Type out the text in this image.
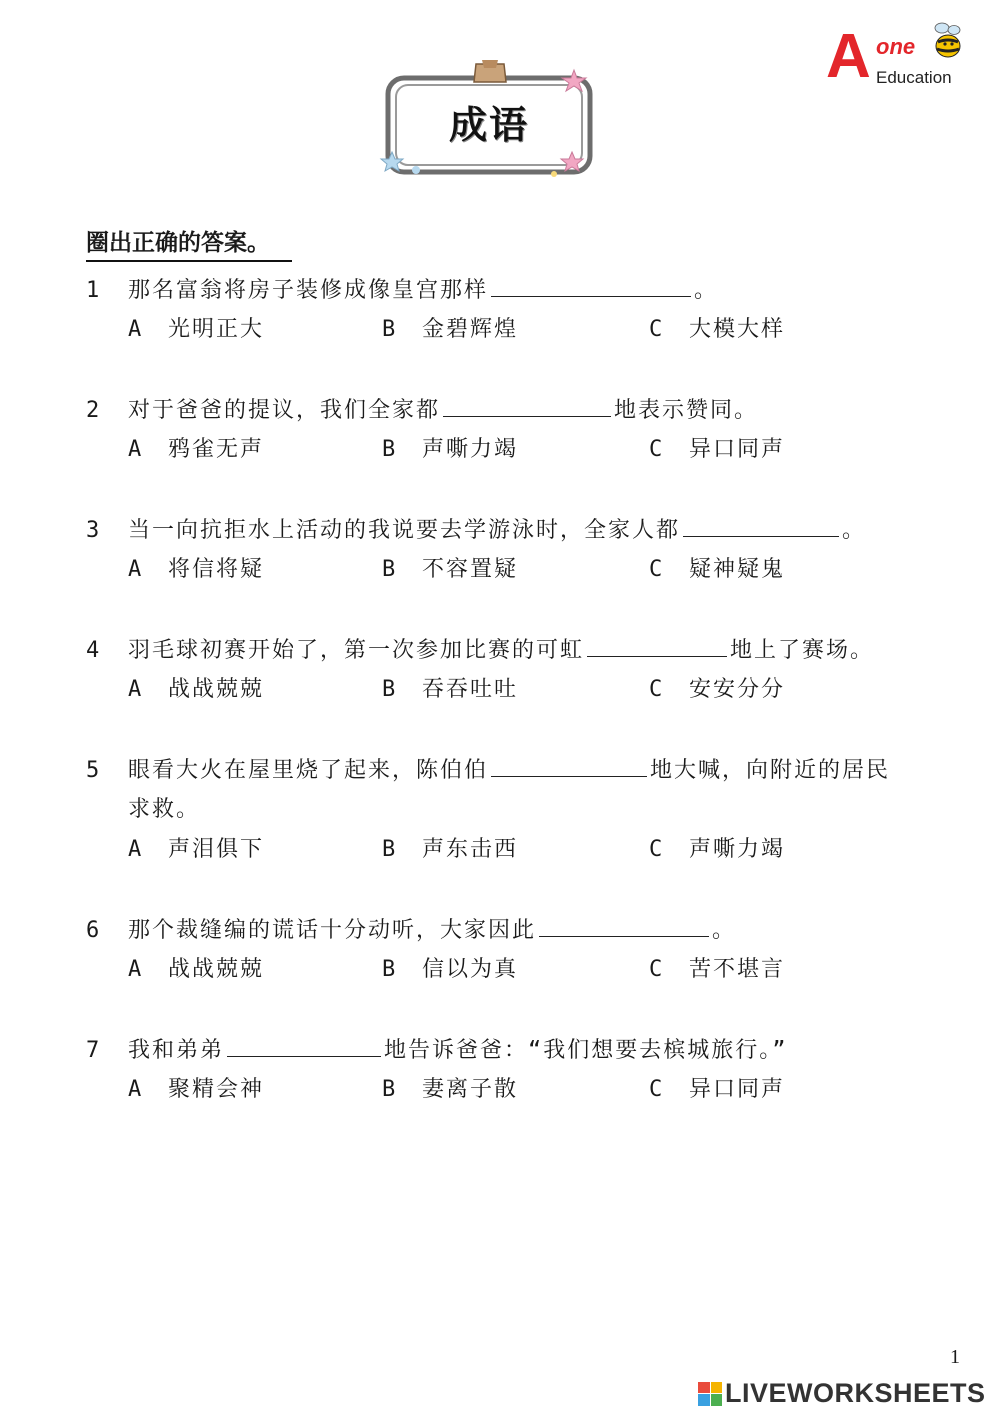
A one
Education
成语
圈出正确的答案。
1	那名富翁将房子装修成像皇宫那样	。
A 光明正大	B 金碧辉煌	C 大模大样
2	对于爸爸的提议，我们全家都	地表示赞同。
A 鸦雀无声	B 声嘶力竭	C 异口同声
3	当一向抗拒水上活动的我说要去学游泳时，全家人都	。
A 将信将疑	B 不容置疑	C 疑神疑鬼
4	羽毛球初赛开始了，第一次参加比赛的可虹	地上了赛场。
A 战战兢兢	B 吞吞吐吐	C 安安分分
5	眼看大火在屋里烧了起来，陈伯伯	地大喊，向附近的居民
求救。
A 声泪俱下	B 声东击西	C 声嘶力竭
6	那个裁缝编的谎话十分动听，大家因此	。
A 战战兢兢	B 信以为真	C 苦不堪言
7	我和弟弟	地告诉爸爸：“我们想要去槟城旅行。”
A 聚精会神	B 妻离子散	C 异口同声
1
LIVEWORKSHEETS
